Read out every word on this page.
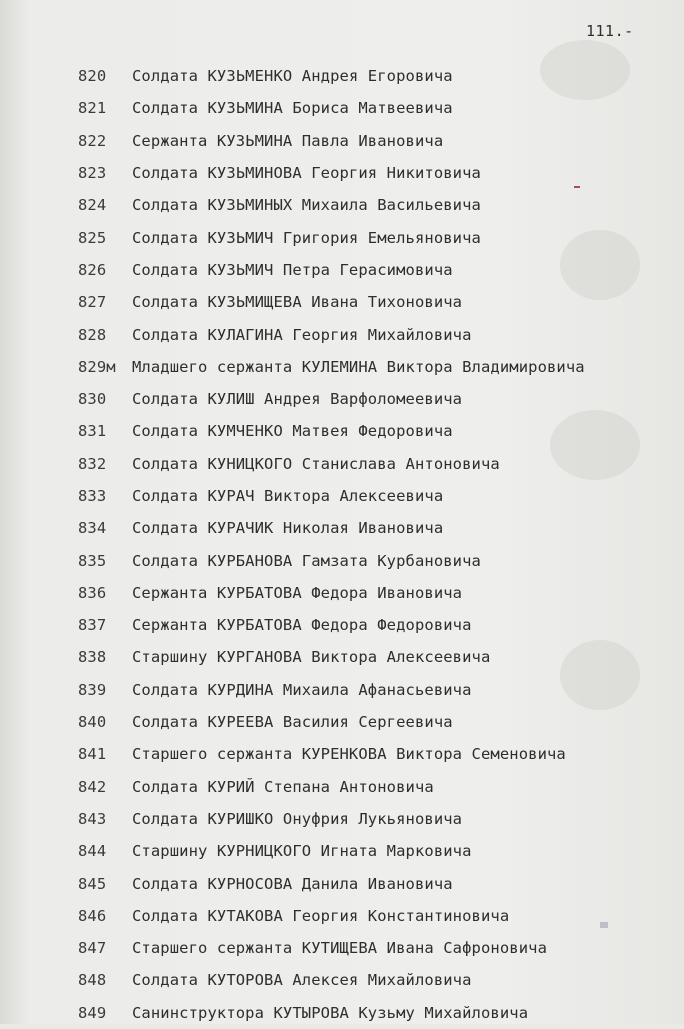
111.-
820	Солдата КУЗЬМЕНКО Андрея Егоровича
821	Солдата КУЗЬМИНА Бориса Матвеевича
822	Сержанта КУЗЬМИНА Павла Ивановича
823	Солдата КУЗЬМИНОВА Георгия Никитовича
824	Солдата КУЗЬМИНЫХ Михаила Васильевича
825	Солдата КУЗЬМИЧ Григория Емельяновича
826	Солдата КУЗЬМИЧ Петра Герасимовича
827	Солдата КУЗЬМИЩЕВА Ивана Тихоновича
828	Солдата КУЛАГИНА Георгия Михайловича
829м	Младшего сержанта КУЛЕМИНА Виктора Владимировича
830	Солдата КУЛИШ Андрея Варфоломеевича
831	Солдата КУМЧЕНКО Матвея Федоровича
832	Солдата КУНИЦКОГО Станислава Антоновича
833	Солдата КУРАЧ Виктора Алексеевича
834	Солдата КУРАЧИК Николая Ивановича
835	Солдата КУРБАНОВА Гамзата Курбановича
836	Сержанта КУРБАТОВА Федора Ивановича
837	Сержанта КУРБАТОВА Федора Федоровича
838	Старшину КУРГАНОВА Виктора Алексеевича
839	Солдата КУРДИНА Михаила Афанасьевича
840	Солдата КУРЕЕВА Василия Сергеевича
841	Старшего сержанта КУРЕНКОВА Виктора Семеновича
842	Солдата КУРИЙ Степана Антоновича
843	Солдата КУРИШКО Онуфрия Лукьяновича
844	Старшину КУРНИЦКОГО Игната Марковича
845	Солдата КУРНОСОВА Данила Ивановича
846	Солдата КУТАКОВА Георгия Константиновича
847	Старшего сержанта КУТИЩЕВА Ивана Сафроновича
848	Солдата КУТОРОВА Алексея Михайловича
849	Санинструктора КУТЫРОВА Кузьму Михайловича
